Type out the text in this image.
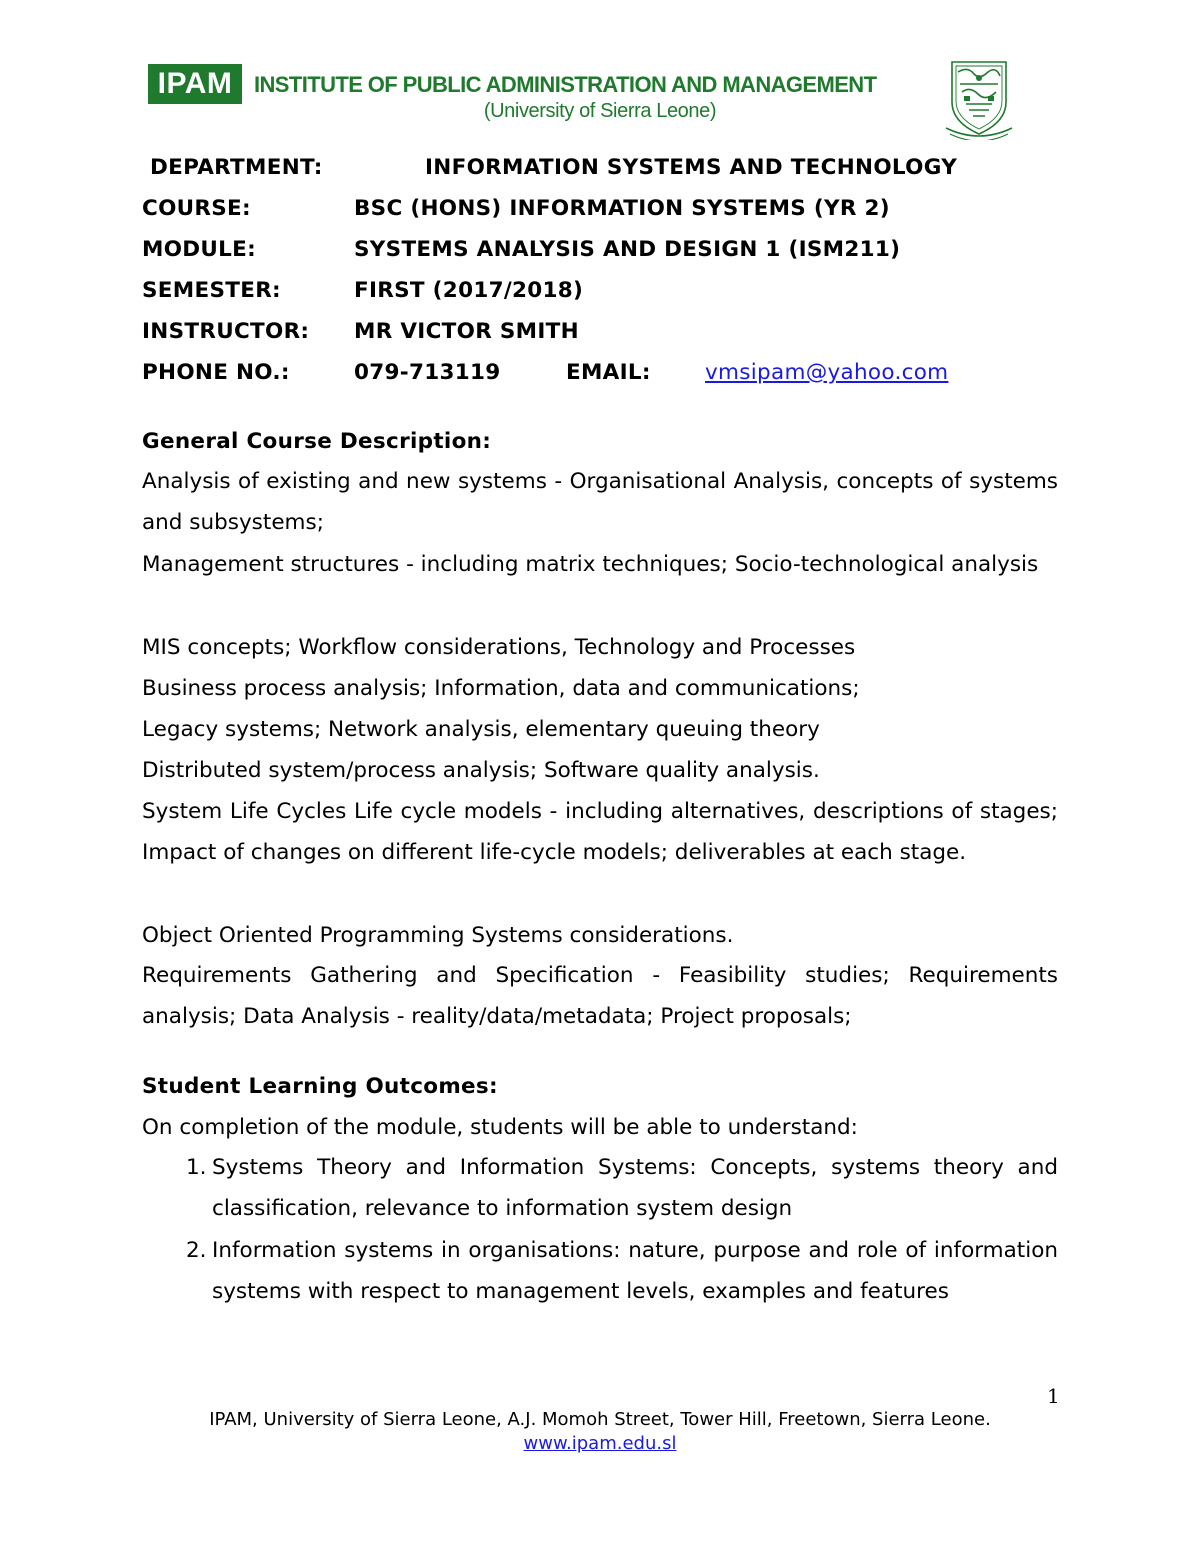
IPAM INSTITUTE OF PUBLIC ADMINISTRATION AND MANAGEMENT
(University of Sierra Leone)
DEPARTMENT:	INFORMATION SYSTEMS AND TECHNOLOGY
COURSE:	BSC (HONS) INFORMATION SYSTEMS (YR 2)
MODULE:	SYSTEMS ANALYSIS AND DESIGN 1 (ISM211)
SEMESTER:	FIRST (2017/2018)
INSTRUCTOR: MR VICTOR SMITH
PHONE NO.:	079-713119	EMAIL:	vmsipam@yahoo.com
General Course Description:
Analysis of existing and new systems - Organisational Analysis, concepts of systems and subsystems;
Management structures - including matrix techniques; Socio-technological analysis
MIS concepts; Workflow considerations, Technology and Processes
Business process analysis; Information, data and communications;
Legacy systems; Network analysis, elementary queuing theory
Distributed system/process analysis; Software quality analysis.
System Life Cycles Life cycle models - including alternatives, descriptions of stages; Impact of changes on different life-cycle models; deliverables at each stage.
Object Oriented Programming Systems considerations.
Requirements Gathering and Specification - Feasibility studies; Requirements analysis; Data Analysis - reality/data/metadata; Project proposals;
Student Learning Outcomes:
On completion of the module, students will be able to understand:
1. Systems Theory and Information Systems: Concepts, systems theory and classification, relevance to information system design
2. Information systems in organisations: nature, purpose and role of information systems with respect to management levels, examples and features
1
IPAM, University of Sierra Leone, A.J. Momoh Street, Tower Hill, Freetown, Sierra Leone.
www.ipam.edu.sl
